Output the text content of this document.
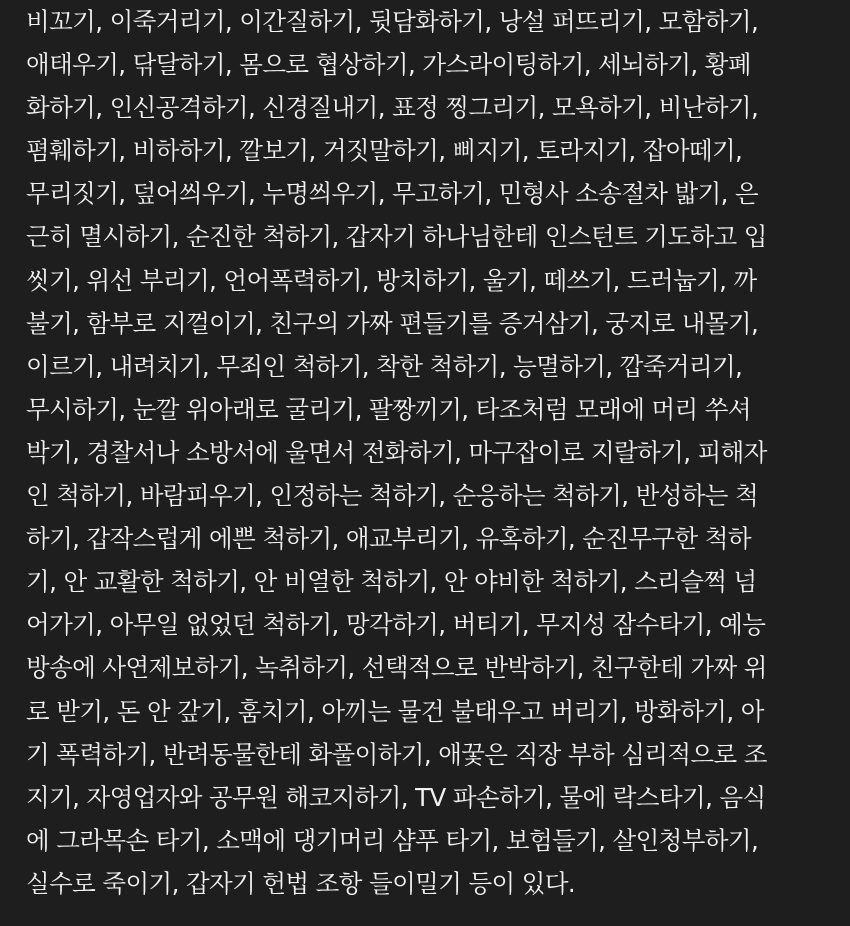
비꼬기, 이죽거리기, 이간질하기, 뒷담화하기, 낭설 퍼뜨리기, 모함하기,
애태우기, 닦달하기, 몸으로 협상하기, 가스라이팅하기, 세뇌하기, 황폐
화하기, 인신공격하기, 신경질내기, 표정 찡그리기, 모욕하기, 비난하기,
폄훼하기, 비하하기, 깔보기, 거짓말하기, 삐지기, 토라지기, 잡아떼기,
무리짓기, 덮어씌우기, 누명씌우기, 무고하기, 민형사 소송절차 밟기, 은
근히 멸시하기, 순진한 척하기, 갑자기 하나님한테 인스턴트 기도하고 입
씻기, 위선 부리기, 언어폭력하기, 방치하기, 울기, 떼쓰기, 드러눕기, 까
불기, 함부로 지껄이기, 친구의 가짜 편들기를 증거삼기, 궁지로 내몰기,
이르기, 내려치기, 무죄인 척하기, 착한 척하기, 능멸하기, 깝죽거리기,
무시하기, 눈깔 위아래로 굴리기, 팔짱끼기, 타조처럼 모래에 머리 쑤셔
박기, 경찰서나 소방서에 울면서 전화하기, 마구잡이로 지랄하기, 피해자
인 척하기, 바람피우기, 인정하는 척하기, 순응하는 척하기, 반성하는 척
하기, 갑작스럽게 에쁜 척하기, 애교부리기, 유혹하기, 순진무구한 척하
기, 안 교활한 척하기, 안 비열한 척하기, 안 야비한 척하기, 스리슬쩍 넘
어가기, 아무일 없었던 척하기, 망각하기, 버티기, 무지성 잠수타기, 예능
방송에 사연제보하기, 녹취하기, 선택적으로 반박하기, 친구한테 가짜 위
로 받기, 돈 안 갚기, 훔치기, 아끼는 물건 불태우고 버리기, 방화하기, 아
기 폭력하기, 반려동물한테 화풀이하기, 애꿏은 직장 부하 심리적으로 조
지기, 자영업자와 공무원 해코지하기, TV 파손하기, 물에 락스타기, 음식
에 그라목손 타기, 소맥에 댕기머리 샴푸 타기, 보험들기, 살인청부하기,
실수로 죽이기, 갑자기 헌법 조항 들이밀기 등이 있다.
